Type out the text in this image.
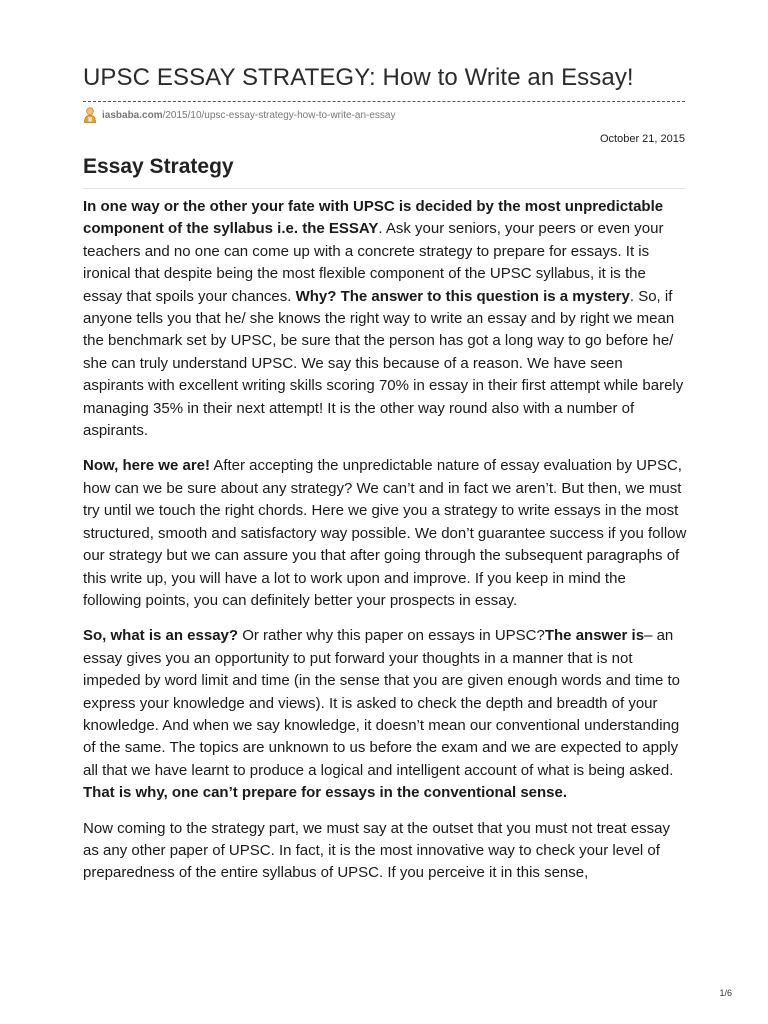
UPSC ESSAY STRATEGY: How to Write an Essay!
iasbaba.com /2015/10/upsc-essay-strategy-how-to-write-an-essay
October 21, 2015
Essay Strategy

In one way or the other your fate with UPSC is decided by the most unpredictable component of the syllabus i.e. the ESSAY. Ask your seniors, your peers or even your teachers and no one can come up with a concrete strategy to prepare for essays. It is ironical that despite being the most flexible component of the UPSC syllabus, it is the essay that spoils your chances. Why? The answer to this question is a mystery. So, if anyone tells you that he/ she knows the right way to write an essay and by right we mean the benchmark set by UPSC, be sure that the person has got a long way to go before he/ she can truly understand UPSC. We say this because of a reason. We have seen aspirants with excellent writing skills scoring 70% in essay in their first attempt while barely managing 35% in their next attempt! It is the other way round also with a number of aspirants.

Now, here we are! After accepting the unpredictable nature of essay evaluation by UPSC, how can we be sure about any strategy? We can’t and in fact we aren’t. But then, we must try until we touch the right chords. Here we give you a strategy to write essays in the most structured, smooth and satisfactory way possible. We don’t guarantee success if you follow our strategy but we can assure you that after going through the subsequent paragraphs of this write up, you will have a lot to work upon and improve. If you keep in mind the following points, you can definitely better your prospects in essay.

So, what is an essay? Or rather why this paper on essays in UPSC?The answer is– an essay gives you an opportunity to put forward your thoughts in a manner that is not impeded by word limit and time (in the sense that you are given enough words and time to express your knowledge and views). It is asked to check the depth and breadth of your knowledge. And when we say knowledge, it doesn’t mean our conventional understanding of the same. The topics are unknown to us before the exam and we are expected to apply all that we have learnt to produce a logical and intelligent account of what is being asked. That is why, one can’t prepare for essays in the conventional sense.

Now coming to the strategy part, we must say at the outset that you must not treat essay as any other paper of UPSC. In fact, it is the most innovative way to check your level of preparedness of the entire syllabus of UPSC. If you perceive it in this sense,

1/6
